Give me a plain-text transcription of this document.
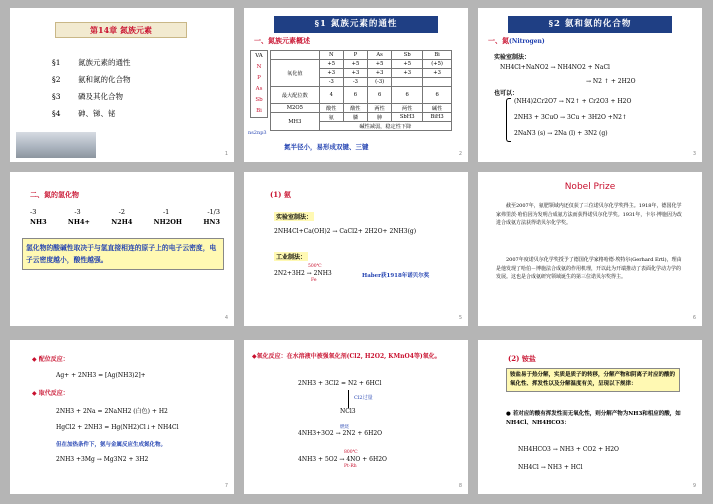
第14章 氮族元素
§1 氮族元素的通性
§2 氨和氮的化合物
§3 磷及其化合物
§4 砷、锑、铋
1
§1 氮族元素的通性
一、氮族元素概述
VA
N
P
As
Sb
Bi
ns2np3
	N	P	As	Sb	Bi
氧化值	+5	+5	+5	+5	(+5)
	+3	+3	+3	+3	+3
	-3	-3	(-3)		
最大配位数	4	6	6	6	6
M2O5	酸性	酸性	两性	两性	碱性
MH3	氨	膦	胂	SbH3	BiH3
	碱性减弱，稳定性下降				
氮半径小，易形成双键、三键
2
§2 氨和氨的化合物
一、氮(Nitrogen)
实验室制法：
NH4Cl+NaNO2 → NH4NO2 + NaCl
→ N2 ↑ + 2H2O
也可以：
(NH4)2Cr2O7 → N2↑ + Cr2O3 + H2O
2NH3 + 3CuO → 3Cu + 3H2O +N2↑
2NaN3 (s) → 2Na (l) + 3N2 (g)
3
二、氮的氢化物
-3	-3	-2	-1	-1/3
NH3	NH4+	N2H4	NH2OH	HN3
氢化物的酸碱性取决于与氢直接相连的原子上的电子云密度，电子云密度越小，酸性越强。
4
(1) 氨
实验室制法：
2NH4Cl+Ca(OH)2 → CaCl2+ 2H2O+ 2NH3(g)
工业制法：
2N2+3H2 → 2NH3
500℃
Fe
Haber获1918年诺贝尔奖
5
Nobel Prize
截至2007年，氨肥领域内还仅获了三位诺贝尔化学奖得主。1918年，德国化学家弗里茨·哈伯因为发明合成氨方法而获得诺贝尔化学奖。1931年，卡尔·博施因为改进合成氨方法获得诺贝尔化学奖。
2007年度诺贝尔化学奖授予了德国化学家格哈德·埃特尔(Gerhard Ertl)，理由是他发现了哈伯－博施法合成氨的作用机理，开以此为开端推动了表面化学动力学的发展。这也是合成氨研究领域诞生的第三位诺贝尔奖得主。
6
◆ 配位反应：
Ag+ + 2NH3 = [Ag(NH3)2]+
◆ 取代反应：
2NH3 + 2Na = 2NaNH2 (白色) + H2
HgCl2 + 2NH3 = Hg(NH2)Cl↓+ NH4Cl
但在加热条件下，氨与金属反应生成氮化物。
2NH3 +3Mg → Mg3N2 + 3H2
7
◆氧化反应：在水溶液中被强氧化剂(Cl2, H2O2, KMnO4等)氧化。
2NH3 + 3Cl2 = N2 + 6HCl
Cl2过量
NCl3
4NH3+3O2 → 2N2 + 6H2O
燃烧
4NH3 + 5O2 → 4NO + 6H2O
800℃
Pt-Rh
8
(2) 铵盐
铵盐易于热分解，实质是质子的转移，分解产物和阴离子对应的酸的氧化性、挥发性以及分解温度有关，呈现以下规律：
● 若对应的酸有挥发性而无氧化性，则分解产物为NH3和相应的酸，如NH4Cl、NH4HCO3：
NH4HCO3 → NH3 + CO2 + H2O
NH4Cl → NH3 + HCl
9
